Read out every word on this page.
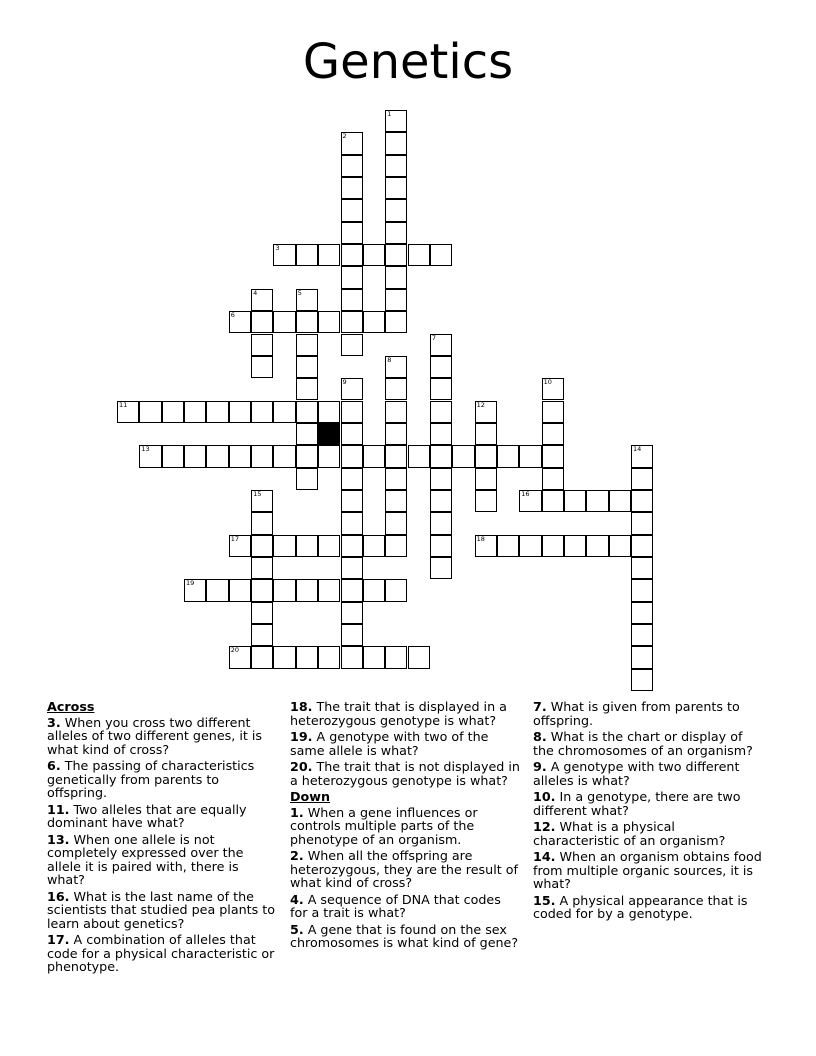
Genetics
3
6
11
13
16
17	18
19
20
1
2
4	5
7
8
9	10
12
14
15
Across
3. When you cross two different alleles of two different genes, it is what kind of cross?
6. The passing of characteristics genetically from parents to offspring.
11. Two alleles that are equally dominant have what?
13. When one allele is not completely expressed over the allele it is paired with, there is what?
16. What is the last name of the scientists that studied pea plants to learn about genetics?
17. A combination of alleles that code for a physical characteristic or phenotype.
18. The trait that is displayed in a heterozygous genotype is what?
19. A genotype with two of the same allele is what?
20. The trait that is not displayed in a heterozygous genotype is what?
Down
1. When a gene influences or controls multiple parts of the phenotype of an organism.
2. When all the offspring are heterozygous, they are the result of what kind of cross?
4. A sequence of DNA that codes for a trait is what?
5. A gene that is found on the sex chromosomes is what kind of gene?
7. What is given from parents to offspring.
8. What is the chart or display of the chromosomes of an organism?
9. A genotype with two different alleles is what?
10. In a genotype, there are two different what?
12. What is a physical characteristic of an organism?
14. When an organism obtains food from multiple organic sources, it is what?
15. A physical appearance that is coded for by a genotype.
